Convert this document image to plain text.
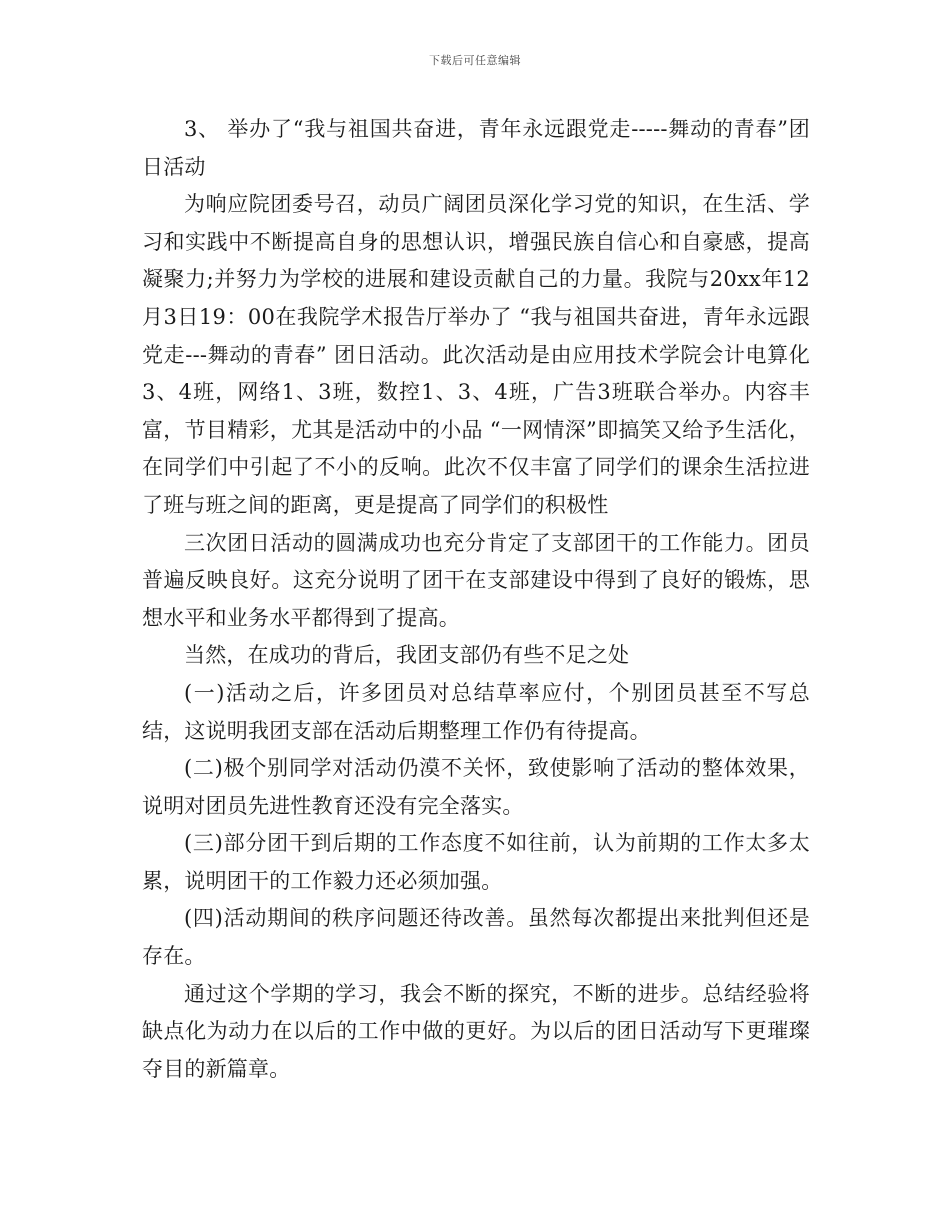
下载后可任意编辑

3、 举办了“我与祖国共奋进，青年永远跟党走-----舞动的青春”团日活动

为响应院团委号召，动员广阔团员深化学习党的知识，在生活、学习和实践中不断提高自身的思想认识，增强民族自信心和自豪感，提高凝聚力;并努力为学校的进展和建设贡献自己的力量。我院与20xx年12月3日19：00在我院学术报告厅举办了 “我与祖国共奋进，青年永远跟党走---舞动的青春” 团日活动。此次活动是由应用技术学院会计电算化3、4班，网络1、3班，数控1、3、4班，广告3班联合举办。内容丰富，节目精彩，尤其是活动中的小品 “一网情深”即搞笑又给予生活化，在同学们中引起了不小的反响。此次不仅丰富了同学们的课余生活拉进了班与班之间的距离，更是提高了同学们的积极性

三次团日活动的圆满成功也充分肯定了支部团干的工作能力。团员普遍反映良好。这充分说明了团干在支部建设中得到了良好的锻炼，思想水平和业务水平都得到了提高。

当然，在成功的背后，我团支部仍有些不足之处

(一)活动之后，许多团员对总结草率应付，个别团员甚至不写总结，这说明我团支部在活动后期整理工作仍有待提高。

(二)极个别同学对活动仍漠不关怀，致使影响了活动的整体效果，说明对团员先进性教育还没有完全落实。

(三)部分团干到后期的工作态度不如往前，认为前期的工作太多太累，说明团干的工作毅力还必须加强。

(四)活动期间的秩序问题还待改善。虽然每次都提出来批判但还是存在。

通过这个学期的学习，我会不断的探究，不断的进步。总结经验将缺点化为动力在以后的工作中做的更好。为以后的团日活动写下更璀璨夺目的新篇章。
